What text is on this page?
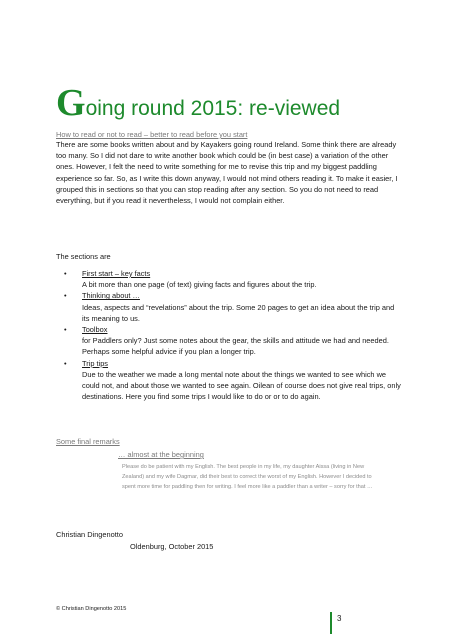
Going round 2015: re-viewed
How to read or not to read – better to read before you start

There are some books written about and by Kayakers going round Ireland. Some think there are already too many. So I did not dare to write another book which could be (in best case) a variation of the other ones. However, I felt the need to write something for me to revise this trip and my biggest paddling experience so far. So, as I write this down anyway, I would not mind others reading it. To make it easier, I grouped this in sections so that you can stop reading after any section. So you do not need to read everything, but if you read it nevertheless, I would not complain either.

The sections are

• First start – key facts
A bit more than one page (of text) giving facts and figures about the trip.
• Thinking about …
Ideas, aspects and “revelations” about the trip. Some 20 pages to get an idea about the trip and its meaning to us.
• Toolbox
for Paddlers only? Just some notes about the gear, the skills and attitude we had and needed. Perhaps some helpful advice if you plan a longer trip.
• Trip tips
Due to the weather we made a long mental note about the things we wanted to see which we could not, and about those we wanted to see again. Oilean of course does not give real trips, only destinations. Here you find some trips I would like to do or or to do again.
Some final remarks
… almost at the beginning

Please do be patient with my English. The best people in my life, my daughter Aissa (living in New Zealand) and my wife Dagmar, did their best to correct the worst of my English. However I decided to spent more time for paddling then for writing. I feel more like a paddler than a writer – sorry for that …

Christian Dingenotto

Oldenburg, October 2015

© Christian Dingenotto 2015

3
